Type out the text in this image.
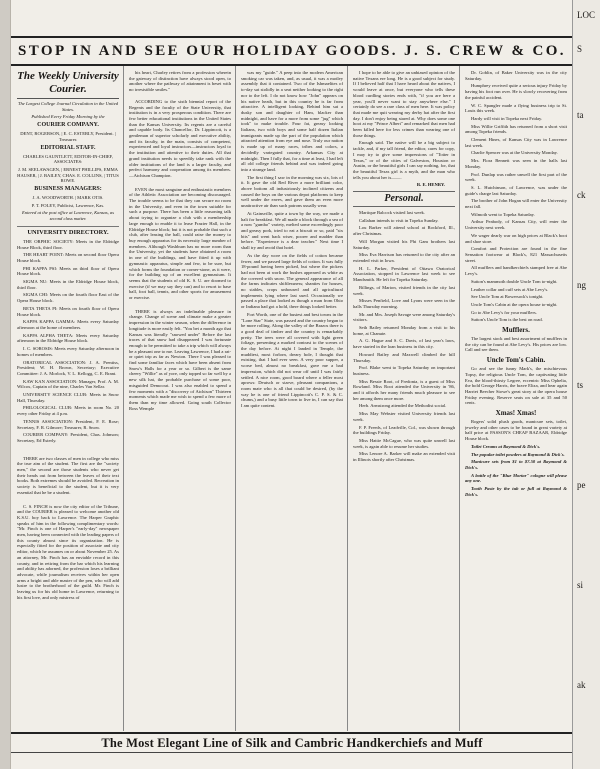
STOP IN AND SEE OUR HOLIDAY GOODS. J. S. CREW & CO.
The Weekly University Courier.
The Largest College Journal Circulation in the United States.
Published Every Friday Morning by the
COURIER COMPANY.

DENT, ROGERSON, | E. C. ESTERLY, President. | Treasurer.

EDITORIAL STAFF.

CHARLES GAUNTLETT, EDITOR-IN-CHIEF, ASSOCIATES:

J. M. SEELAWAGEN, | ERNEST PHILLIPS, EMMA HAUSER, | J. BAILEY, CHAS. E. COLLINS, | TITUS ROWE.

BUSINESS MANAGERS:

J. A. WOODWORTH. | MARK OTIS.

P. T. FOLEY, Publicist, Lawrence, Kas.

Entered at the post office at Lawrence, Kansas, as second class matter.

UNIVERSITY DIRECTORY.

THE ORPHIC SOCIETY: Meets in the Eldridge House Block, third floor.

THE HEART POINT: Meets on second floor Opera House block.

PHI KAPPA PSI: Meets on third floor of Opera House block.

SIGMA NU: Meets in the Eldridge House block, third floor.

SIGMA CHI: Meets on the fourth floor East of the Opera House block.

BETA THETA PI: Meets on fourth floor of Opera House block.

KAPPA KAPPA GAMMA: Meets every Saturday afternoon at the home of members.

KAPPA ALPHA THETA: Meets every Saturday afternoon in the Eldridge House block.

I. C. SOROSIS: Meets every Saturday afternoon in homes of members.

ORATORICAL ASSOCIATION: J. A. Prentiss, President; W. H. Brown, Secretary; Executive Committee: J. A. Morlock, V. L. Kellogg, C. E. Brant.

KAW KAN ASSOCIATION: Manager, Prof. A. M. Wilcox, Captain of the nine, Charles Van Sellar.

UNIVERSITY SCIENCE CLUB: Meets in Snow Hall, Thursday.

PHILOLOGICAL CLUB: Meets in room No. 20 every other Friday at 4 p.m.

TENNIS ASSOCIATION: President, F. E. Rose; Secretary, F. R. Gilmore; Treasurer, R. Snow.

COURIER COMPANY: President, Chas. Johnson; Secretary, Ed Esterly.

THERE are two classes of men in college who miss the true aim of the student. The first are the "society men," the second are those students who never get their heads out from between the leaves of their text books. Both extremes should be avoided. Recreation in society is beneficial to the student, but it is very essential that he be a student.

C. S. FINCH is now the city editor of the Tribune, and the COURIER is pleased to welcome another old K.S.U. boy back to Lawrence. The Harper Graphic speaks of him in the following complimentary words: "Mr. Finch is one of Harper's "early-day" newspaper men, having been connected with the leading papers of this county almost since its organization. He is especially fitted for the position of associate and city editor, which he assumes on or about November 25. As an attorney, Mr. Finch has an enviable record in this county, and in retiring from the bar which his learning and ability has adorned, the profession loses a brilliant advocate, while journalism receives within her open arms a bright and able master of the pen, who will add lustre to the brotherhood of the guild. Mr. Finch is leaving us for his old home in Lawrence, returning to his first love, and only mistress of

his heart, Charley retires from a profession wherein the gateway of distinction have always stood open, to another where the pathway of attainment is beset with no irresistible smiles."

ACCORDING to the sixth biennial report of the Regents and the faculty of the State University, that institution is in a very prosperous condition. There are few better educational institutions in the United States than the Kansas University. Its regents are a careful and capable body. Its Chancellor, Dr. Lippincott, is a gentleman of superior scholarly and executive ability, and its faculty, in the main, consists of competent, experienced and loyal instructors—instructors loyal to the institution and attentive to their duties. All that grand institution needs to speedily take rank with the older institutions of the land is a larger faculty, and perfect harmony and cooperation among its members.—Atchison Champion.

EVEN the most sanguine and enthusiastic members of the Athletic Association are becoming discouraged. The trouble seems to be that they can secure no room in the University, and even in the town suitable for such a purpose. There has been a little reasoning talk about trying to organize a club with a membership large enough to enable it to lease Frazier Hall, in the Eldridge House block; but it is not probable that such a club, after leasing the hall, could raise the money to buy enough apparatus for its necessity large number of members. Although Washburn has no more room than the University, yet the students have obtained a room in one of the buildings, and have fitted it up with gymnastic apparatus, simple and few, to be sure, but which forms the foundation or corner-stone, as it were, for the building up of an excellent gymnasium. It seems that the students of old K. S. U. are doomed to exercise (if we may say they can) and to resort to base ball, foot ball, tennis, and other sports for amusement or exercise.

THERE is always an indefinable pleasure in change. Change of scene and climate make a greater impression in the winter season, when the difference in longitude is more easily felt. "You bet a month ago that Kansas was literally "snowed under" Before the last traces of that snow had disappeared I was fortunate enough to be permitted to take a trip which will always be a pleasant one to me. Leaving Lawrence, I had a rat-or quiet trip as far as Newton. There I was pleased to find some familiar faces which have been absent from Snow's Halls for a year or so. Gilbert is the same cheery "Willie" as of yore, only topped so far well by a new silk hat, the probable purchase of some poor, misguided Democrat. I was also enabled to spend a few moments with a "discovery of Atchison" Thirteen moments which made me wish to spend a few more of them than my time allowed. Going south Collector Ross Wemple

was my "guide." A peep into the modern American smoking car was taken, and, as usual, it was a motley assembly that it contained. Two of the Ishmaelites of to-day sat stolidly in a seat neither looking to the right nor to the left. I do not know how "John" appears on his native heath, but in this country he is far from attractive. A intelligent looking, Behind him sat a dusky son and daughter of Ham, blacker than midnight, and have for a more from some "jug" which took" to make trouble. Four fat, greasy looking Italians, two with boys and some half dozen Italian immigrants made up the part of the population which attracted attention from eye and nose. Truly our nation is made up of many races, tribes and colors, a decidedly variegated country. Arkansas City at midnight. Then I fully that, for a time at least, I had left all old college friends behind and was indeed going into a strange land.

The first thing I saw in the morning was six, lots of it. It gave the old Red River a more brilliant color, above bottom all industriously inclined citizens and caused the boys on the various depot platforms to keep well under the eaves, and gave them an even more unattractive air than such patrons usually wear.

At Gainsville, quite a town by the way, we made a halt for breakfast. We all made a block through a sea of a now "gumbo" variety, melted some exceedingly poor and greasy pork, tried to eat a biscuit or so, paid "six bits" and went back wiser, poorer and madder than before. "Experience is a dear teacher." Next time I shall try and avoid that hotel.

As the day wore on the fields of cotton became fewer, and we passed large fields of cotton. It was fully 18-pound having been picked, but where the pickers had not been at work the bushes appeared as white as the covered with snow. The general appearance of all the farms indicates shiftlessness; shanties for houses, no stables, crops unhoused and all agricultural implements lying where last used. Occasionally we passed a place that looked as though a man from Ohio or Indiana had got a hold, there things looked better.

Fort Worth, one of the busiest and best towns in the "Lone Star" State, was passed and the country began to be more rolling. Along the valley of the Brazos there is a good deal of timber and the country is remarkably pretty. The trees were all covered with light green foliage, presenting a marked contrast to the scenes of the day before. At night I landed in Temple, the muddiest, most forlorn, dreary hole, I thought that existing, that I had ever seen. A very poor supper, a worse bed, almost no breakfast, gave me a bad impression, which did not wear off until I was fairly settled. A nice room, good board where a feller most aprows: Deutsch or starve, pleasant companions, a room mate who is all that could be desired, (by the way he is one of friend Lippincott's C. P. S. & C. chums,) and a busy little town to live in, I can say that I am quite content.

I hope to be able to give an unbiased opinion of the native Texans ere long. He is a good subject for study. If I believed half that I have heard about the natives, I would leave at once, but everyone who tells these blood curdling stories ends with, "if you are here a year, you'll never want to stay anywhere else." I certainly do see a rare class of men here. It was policy that made me quit wearing my derby hat after the first day. I don't enjoy being stared at. Why does some one hoot at my "Prince Albert" and remarked that men had been killed here for less crimes than wearing one of those things.

Enough said. The native will be a big subject to tackle, and, if my tall friend, the editor, cares for copy, I may try to give some impressions of "Totter in Texas," or of the cities of Galveston, Houston or Austin, or the beautiful girls I can say nothing, for, that the beautiful Texas girl is a myth, and the man who tells you about her is——.

R. E. HENRY.
Personal.

Martique Balcock visited last week.

Callahan intends to visit in Topeka Sunday.

Lou Barker will attend school at Rockford, Ill., after Christmas.

Will Morgan visited his Phi Gam brothers last Saturday.

Miss Eva Harrison has returned to the city after an extended visit in Iowa.

H. L. Parker, President of Ottawa Oratorical Association, stopped in Lawrence last week to see Mandsmith. He left for Topeka Saturday.

Billings, of Marion, visited friends in the city last week.

Misses Penfield, Love and Lyons were seen in the halls Thursday morning.

Mr. and Mrs. Joseph Savage were among Saturday's visitors.

Seth Bailey returned Monday from a visit to his home, at Chanute.

A. G. Hague and S. C. Davis, of last year's laws, have started in the loan business in this city.

Howard Bailey and Maxwell climbed the hill Thursday.

Prof. Blake went to Topeka Saturday on important business.

Miss Bessie Root, of Fredonia, is a guest of Miss Rowland. Miss Root attended the University in '86, and it affords her many friends much pleasure to see her among them once more.

Herb. Armstrong attended the Methodist social.

Miss May Webster visited University friends last week.

F. P. Freeds, of Leadville, Col., was shown through the buildings Friday.

Miss Hattie McCague, who was quite unwell last week, is again able to resume her studies.

Miss Lenore A. Barker will make an extended visit in Illinois shortly after Christmas.

Dr. Goblin, of Baker University was in the city Saturday.

Humphrey received quite a serious injury Friday by having his foot run over. He is slowly recovering from the painful accident.

W. C. Spangler made a flying business trip to St. Louis this week.

Hardy will visit in Topeka next Friday.

Miss Willie Griffith has returned from a short visit among Topeka friends.

Clement Hines, of Kansas City was in Lawrence last week.

Charlie Spencer was at the University Monday.

Mrs. Flora Bennett was seen in the halls last Monday.

Prof. Dunlap was rather unwell the first part of the week.

S. L. Hutchinson, of Lawrence, was under the guide's charge last Saturday.

The brother of John Hogan will enter the University next fall.

Wilmoth went to Topeka Saturday.

Arthur Peabody, of Kansas City, will enter the University next week.

We wager dearly war on high prices at Black's boot and shoe store.

Comfort and Protection are found in the fine Sensation footwear at Black's, 821 Massachusetts street.

All mufflers and handkerchiefs stamped free at Abe Levy's.

Sutton's mammoth double Uncle Tom to-night.

Leather collar and cuff sets at Abe Levy's.

See Uncle Tom at Bowersock's tonight.

Uncle Tom's Cabin at the opera house to-night.

Go to Abe Levy's for your mufflers.

Sutton's Uncle Tom is the best on road.

Mufflers.

The largest stock and best assortment of mufflers in the city can be found at Abe Levy's. His prices are low. Call and see them.

Uncle Tom's Cabin.

Go and see the funny Mark's, the mischievous Topsy, the religious Uncle Tom, the captivating little Eva, the blood-thirsty Legree, eccentric Miss Ophelia, the bold George Harris, the brave Eliza, and hear again Harriet Beecher Stowe's great story at the opera house Friday evening. Reserve seats on sale at 35 and 50 cents.

Xmas! Xmas!

Rogers' solid plush goods, manicure sets, toilet, jewelry and other cases to be found in great variety at half price at PASSON'S CHEAP BAZAAR, Eldridge House block.

Toilet Creams at Raymond & Dick's.

The popular toilet powders at Raymond & Dick's.

Manicure sets from $1 to $7.50 at Raymond & Dick's.

A bottle of the "Blue Mortar" cologne will please any one.

Tooth Paste by the tub or full at Raymond & Dick's.

The Most Elegant Line of Silk and Cambric Handkerchiefs and Muff
LOC
S
ta
ck
ng
ts
pe
si
ak
